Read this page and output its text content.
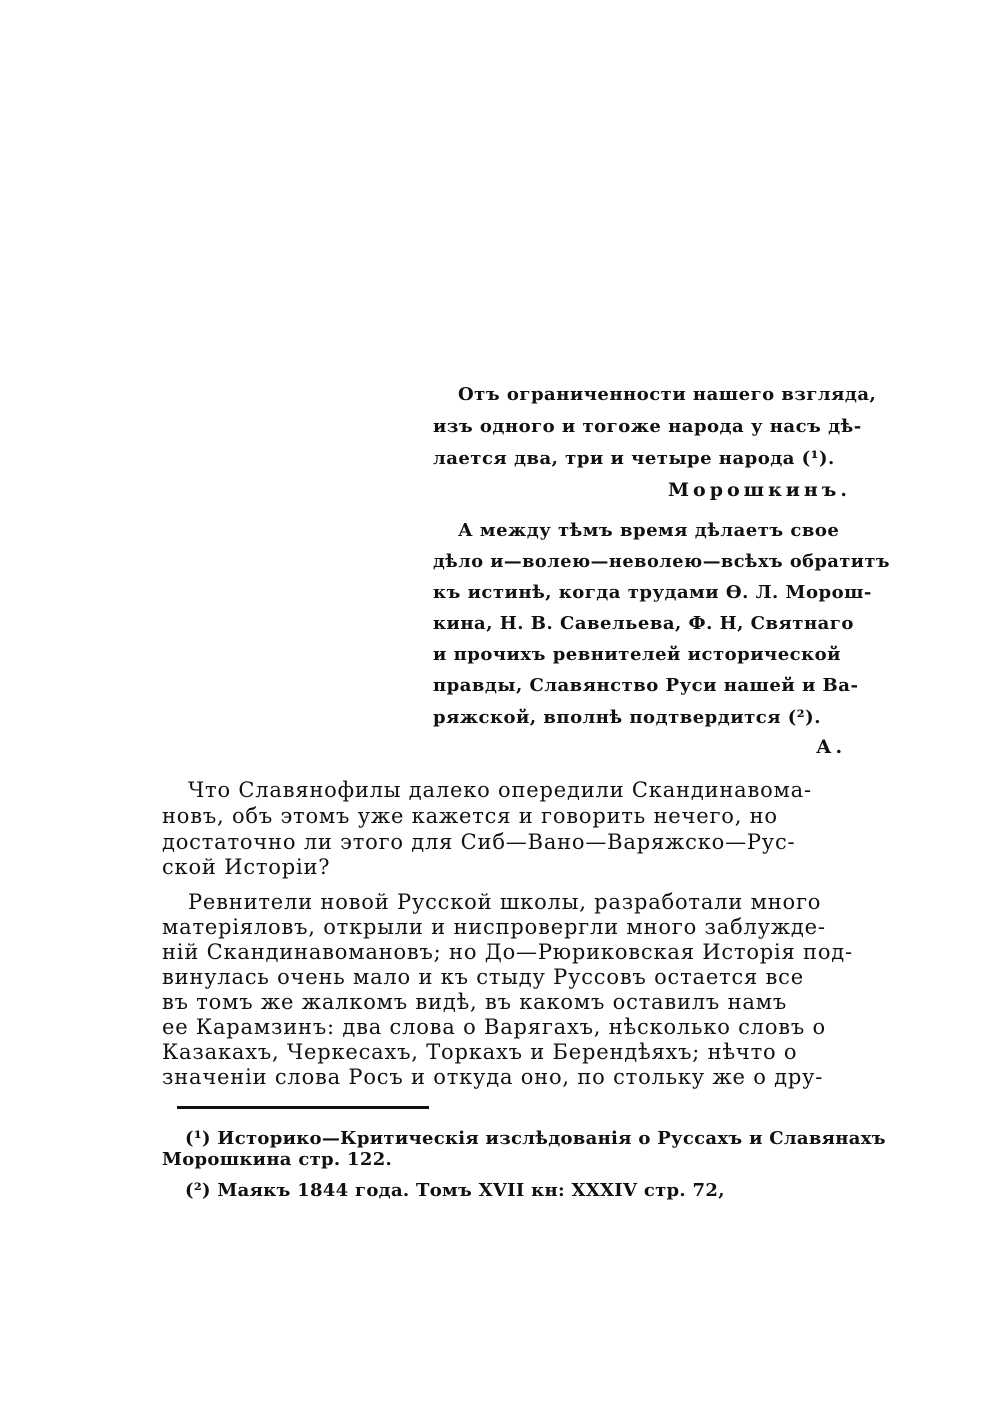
Отъ ограниченности нашего взгляда,
изъ одного и тогоже народа у насъ дѣ-
лается два, три и четыре народа (¹).
Морошкинъ.
А между тѣмъ время дѣлаетъ свое
дѣло и—волею—неволею—всѣхъ обратитъ
къ истинѣ, когда трудами Ѳ. Л. Морош-
кина, Н. В. Савельева, Ф. Н, Святнаго
и прочихъ ревнителей исторической
правды, Славянство Руси нашей и Ва-
ряжской, вполнѣ подтвердится (²).
А.
Что Славянофилы далеко опередили Скандинавома-
новъ, объ этомъ уже кажется и говорить нечего, но
достаточно ли этого для Сиб—Вано—Варяжско—Рус-
ской Исторіи?
Ревнители новой Русской школы, разработали много
матеріяловъ, открыли и ниспровергли много заблужде-
ній Скандинавомановъ; но До—Рюриковская Исторія под-
винулась очень мало и къ стыду Руссовъ остается все
въ томъ же жалкомъ видѣ, въ какомъ оставилъ намъ
ее Карамзинъ: два слова о Варягахъ, нѣсколько словъ о
Казакахъ, Черкесахъ, Торкахъ и Берендѣяхъ; нѣчто о
значеніи слова Росъ и откуда оно, по стольку же о дру-
(¹) Историко—Критическія изслѣдованія о Руссахъ и Славянахъ
Морошкина стр. 122.
(²) Маякъ 1844 года. Томъ XVII кн: XXXIV стр. 72,
